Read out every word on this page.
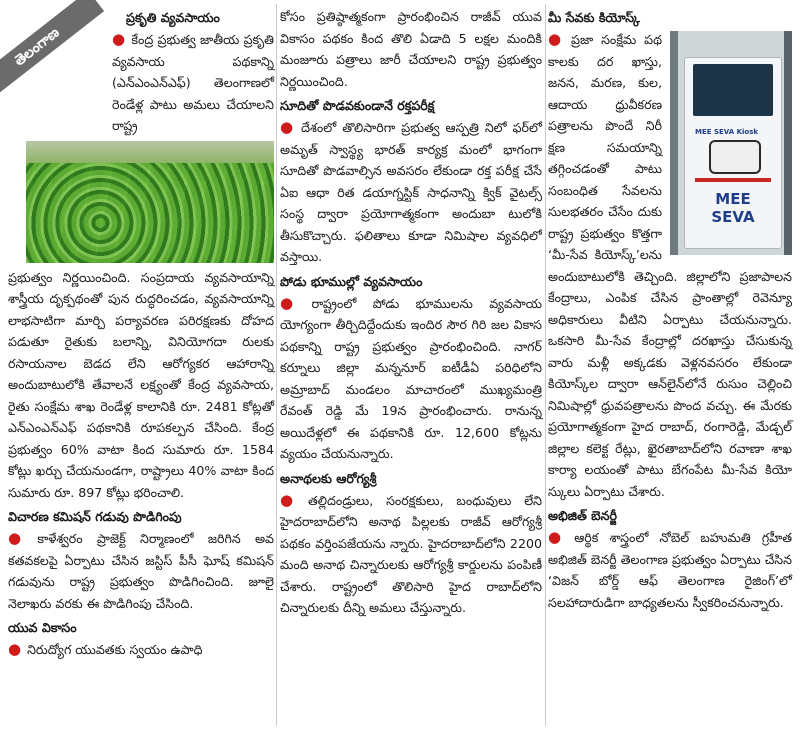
తెలంగాణ
ప్రకృతి వ్యవసాయం

● కేంద్ర ప్రభుత్వ జాతీయ ప్రకృతి వ్యవసాయ పథకాన్ని (ఎన్‌ఎంఎన్‌ఎఫ్) తెలంగాణలో రెండేళ్ల పాటు అమలు చేయాలని రాష్ట్ర

ప్రభుత్వం నిర్ణయించింది. సంప్రదాయ వ్యవసాయాన్ని శాస్త్రీయ దృక్పథంతో పున రుద్ధరించడం, వ్యవసాయాన్ని లాభసాటిగా మార్చి పర్యావరణ పరిరక్షణకు దోహద పడుతూ రైతుకు బలాన్ని, వినియోగదా రులకు రసాయనాల బెడద లేని ఆరోగ్యకర ఆహారాన్ని అందుబాటులోకి తేవాలనే లక్ష్యంతో కేంద్ర వ్యవసాయ, రైతు సంక్షేమ శాఖ రెండేళ్ల కాలానికి రూ. 2481 కోట్లతో ఎన్‌ఎంఎన్‌ఎఫ్ పథకానికి రూపకల్పన చేసింది. కేంద్ర ప్రభుత్వం 60% వాటా కింద సుమారు రూ. 1584 కోట్లు ఖర్చు చేయనుండగా, రాష్ట్రాలు 40% వాటా కింద సుమారు రూ. 897 కోట్లు భరించాలి.

విచారణ కమిషన్ గడువు పొడిగింపు

● కాళేశ్వరం ప్రాజెక్ట్ నిర్మాణంలో జరిగిన అవ కతవకలపై ఏర్పాటు చేసిన జస్టిస్ పీసీ ఘోష్ కమిషన్ గడువును రాష్ట్ర ప్రభుత్వం పొడిగించింది. జూలై నెలాఖరు వరకు ఈ పొడిగింపు చేసింది.

యువ వికాసం

● నిరుద్యోగ యువతకు స్వయం ఉపాధి

కోసం ప్రతిష్ఠాత్మకంగా ప్రారంభించిన రాజీవ్ యువ వికాసం పథకం కింద తొలి ఏడాది 5 లక్షల మందికి మంజూరు పత్రాలు జారీ చేయాలని రాష్ట్ర ప్రభుత్వం నిర్ణయించింది.

సూదితో పొడవకుండానే రక్తపరీక్ష

● దేశంలో తొలిసారిగా ప్రభుత్వ ఆస్పత్రి నిలో ఫర్‌లో అమృత్ స్వాస్థ్య భారత్ కార్యక్ర మంలో భాగంగా సూదితో పొడవాల్సిన అవసరం లేకుండా రక్త పరీక్ష చేసే ఏఐ ఆధా రిత డయాగ్నస్టిక్ సాధనాన్ని క్విక్ వైటల్స్ సంస్థ ద్వారా ప్రయోగాత్మకంగా అందుబా టులోకి తీసుకొచ్చారు. ఫలితాలు కూడా నిమిషాల వ్యవధిలో వస్తాయి.

పోడు భూముల్లో వ్యవసాయం

● రాష్ట్రంలో పోడు భూములను వ్యవసాయ యోగ్యంగా తీర్చిదిద్దేందుకు ఇందిర సౌర గిరి జల వికాస పథకాన్ని రాష్ట్ర ప్రభుత్వం ప్రారంభించింది. నాగర్ కర్నూలు జిల్లా మన్ననూర్ ఐటీడీఏ పరిధిలోని అమ్రాబాద్ మండలం మాచారంలో ముఖ్యమంత్రి రేవంత్ రెడ్డి మే 19న ప్రారంభించారు. రానున్న అయిదేళ్లలో ఈ పథకానికి రూ. 12,600 కోట్లను వ్యయం చేయనున్నారు.

అనాథలకు ఆరోగ్యశ్రీ

● తల్లిదండ్రులు, సంరక్షకులు, బంధువులు లేని హైదరాబాద్‌లోని అనాథ పిల్లలకు రాజీవ్ ఆరోగ్యశ్రీ పథకం వర్తింపజేయను న్నారు. హైదరాబాద్‌లోని 2200 మంది అనాథ చిన్నారులకు ఆరోగ్యశ్రీ కార్డులను పంపిణీ చేశారు. రాష్ట్రంలో తొలిసారి హైద రాబాద్‌లోని చిన్నారులకు దీన్ని అమలు చేస్తున్నారు.

మీ సేవకు కియోస్క్
MEE SEVA Kiosk
MEE SEVA

● ప్రజా సంక్షేమ పథ కాలకు దర ఖాస్తు, జనన, మరణ, కుల, ఆదాయ ధ్రువీకరణ పత్రాలను పొందే నిరీ క్షణ సమయాన్ని తగ్గించడంతో పాటు సంబంధిత సేవలను సులభతరం చేసేం దుకు రాష్ట్ర ప్రభుత్వం కొత్తగా ‘మీ-సేవ కియోస్క్’లను అందుబాటులోకి తెచ్చింది. జిల్లాలోని ప్రజాపాలన కేంద్రాలు, ఎంపిక చేసిన ప్రాంతాల్లో రెవెన్యూ అధికారులు వీటిని ఏర్పాటు చేయనున్నారు. ఒకసారి మీ-సేవ కేంద్రాల్లో దరఖాస్తు చేసుకున్న వారు మళ్లీ అక్కడకు వెళ్లనవసరం లేకుండా కియోస్క్‌ల ద్వారా ఆన్‌లైన్‌లోనే రుసుం చెల్లించి నిమిషాల్లో ధ్రువపత్రాలను పొంద వచ్చు. ఈ మేరకు ప్రయోగాత్మకంగా హైద రాబాద్, రంగారెడ్డి, మేడ్చల్ జిల్లాల కలెక్ట రేట్లు, ఖైరతాబాద్‌లోని రవాణా శాఖ కార్యా లయంతో పాటు బేగంపేట మీ-సేవ కియో స్కులు ఏర్పాటు చేశారు.

అభిజిత్ బెనర్జీ

● ఆర్థిక శాస్త్రంలో నోబెల్ బహుమతి గ్రహీత అభిజిత్ బెనర్జీ తెలంగాణ ప్రభుత్వం ఏర్పాటు చేసిన ‘విజన్ బోర్డ్ ఆఫ్ తెలంగాణ రైజింగ్’లో సలహాదారుడిగా బాధ్యతలను స్వీకరించనున్నారు.
